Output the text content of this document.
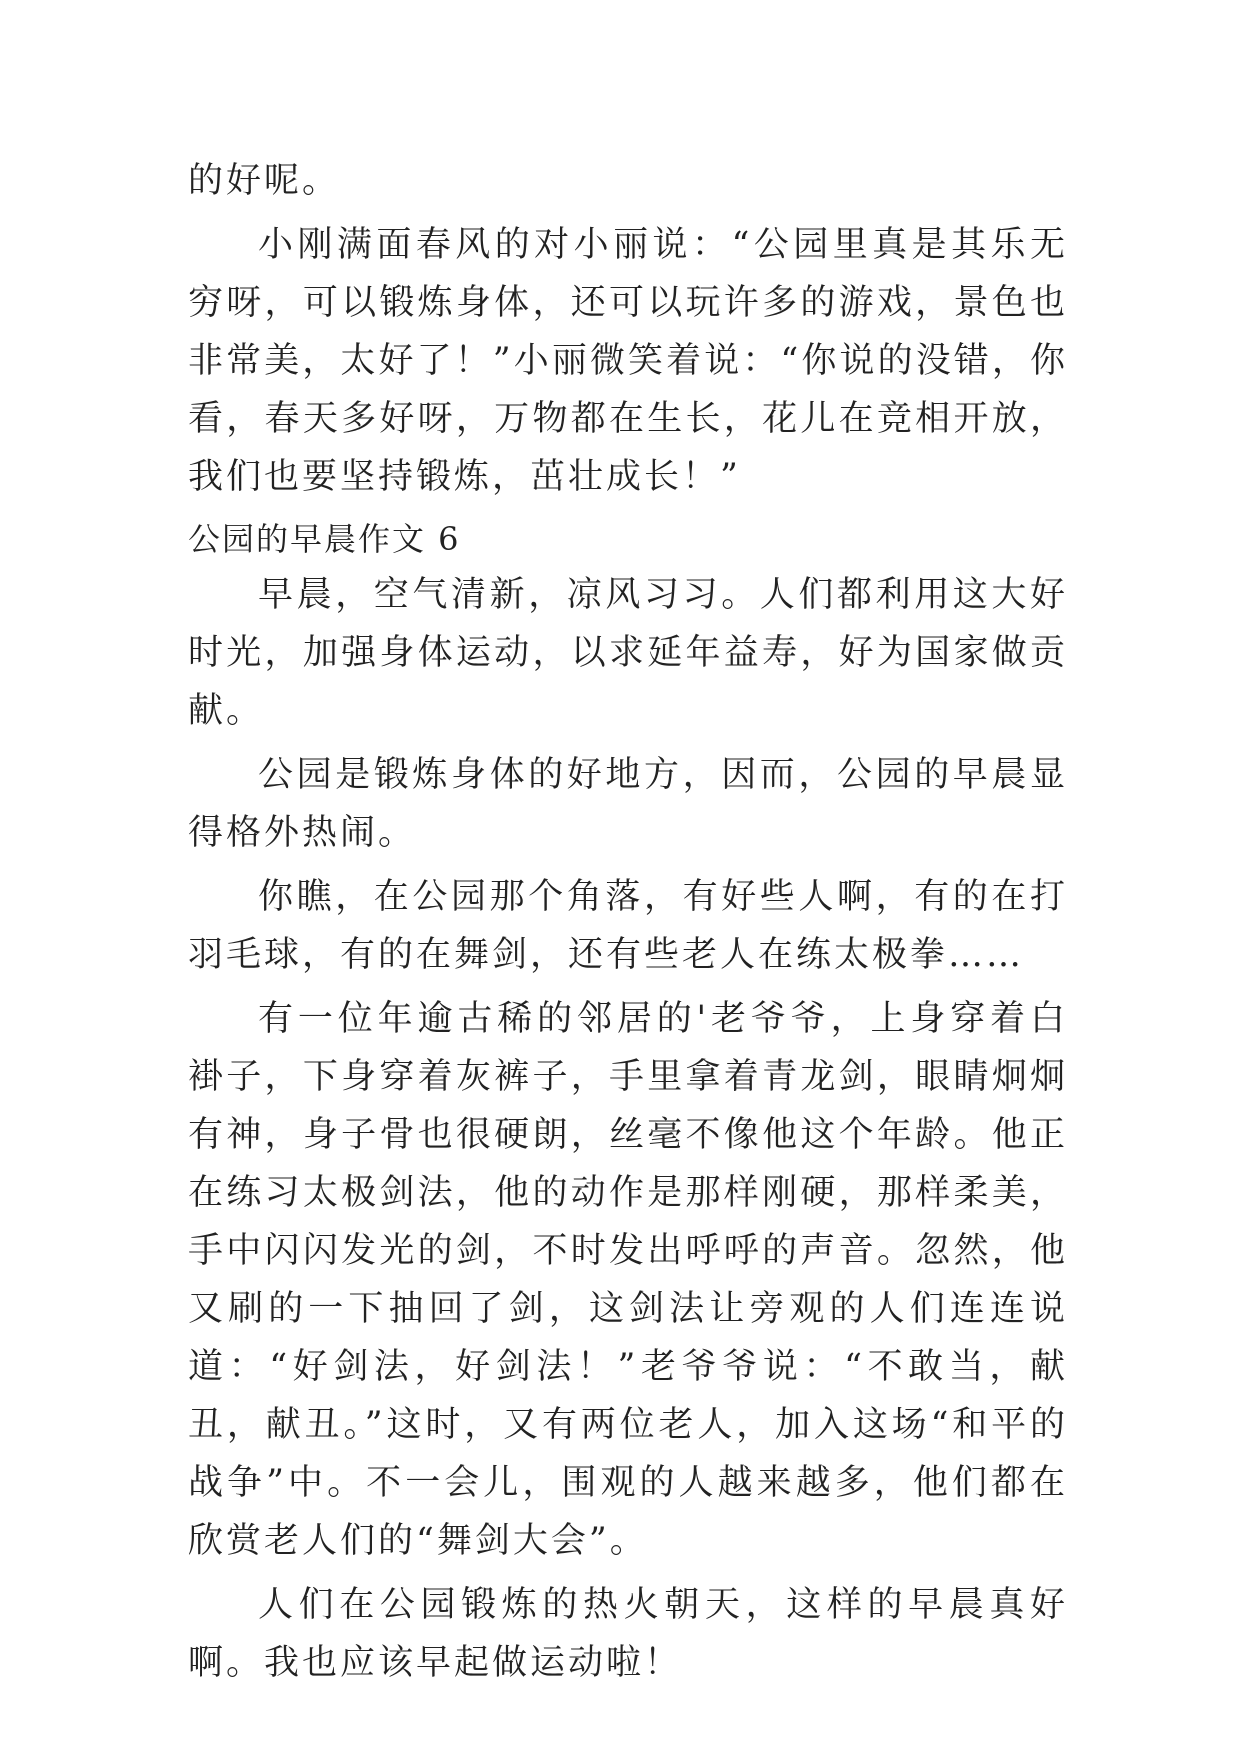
的好呢。

小刚满面春风的对小丽说：“公园里真是其乐无穷呀，可以锻炼身体，还可以玩许多的游戏，景色也非常美，太好了！”小丽微笑着说：“你说的没错，你看，春天多好呀，万物都在生长，花儿在竞相开放，我们也要坚持锻炼，茁壮成长！”

公园的早晨作文 6

早晨，空气清新，凉风习习。人们都利用这大好时光，加强身体运动，以求延年益寿，好为国家做贡献。

公园是锻炼身体的好地方，因而，公园的早晨显得格外热闹。

你瞧，在公园那个角落，有好些人啊，有的在打羽毛球，有的在舞剑，还有些老人在练太极拳……

有一位年逾古稀的邻居的'老爷爷，上身穿着白褂子，下身穿着灰裤子，手里拿着青龙剑，眼睛炯炯有神，身子骨也很硬朗，丝毫不像他这个年龄。他正在练习太极剑法，他的动作是那样刚硬，那样柔美，手中闪闪发光的剑，不时发出呼呼的声音。忽然，他又刷的一下抽回了剑，这剑法让旁观的人们连连说道：“好剑法，好剑法！”老爷爷说：“不敢当，献丑，献丑。”这时，又有两位老人，加入这场“和平的战争”中。不一会儿，围观的人越来越多，他们都在欣赏老人们的“舞剑大会”。

人们在公园锻炼的热火朝天，这样的早晨真好啊。我也应该早起做运动啦！
